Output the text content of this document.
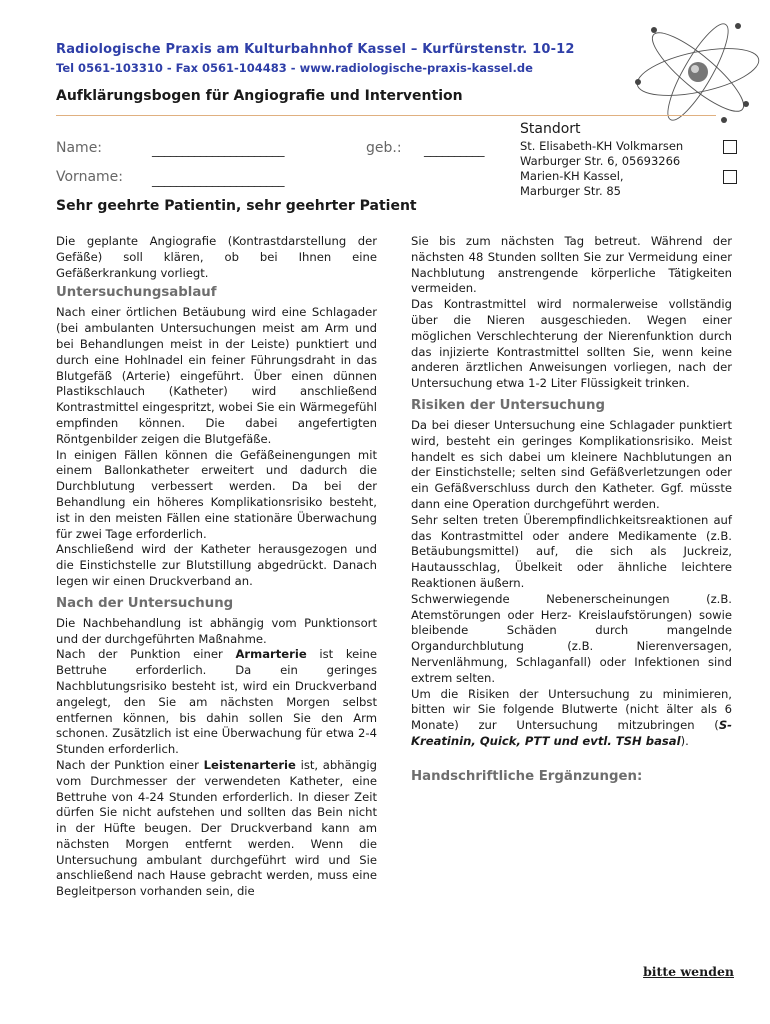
Radiologische Praxis am Kulturbahnhof Kassel – Kurfürstenstr. 10-12
Tel 0561-103310 - Fax 0561-104483 - www.radiologische-praxis-kassel.de
Aufklärungsbogen für Angiografie und Intervention
Name:	______________________	geb.: __________
Vorname: ______________________
Standort
St. Elisabeth-KH Volkmarsen
Warburger Str. 6, 05693266
Marien-KH Kassel,
Marburger Str. 85
Sehr geehrte Patientin, sehr geehrter Patient

Die geplante Angiografie (Kontrastdarstellung der Gefäße) soll klären, ob bei Ihnen eine Gefäßerkrankung vorliegt.

Untersuchungsablauf

Nach einer örtlichen Betäubung wird eine Schlagader (bei ambulanten Untersuchungen meist am Arm und bei Behandlungen meist in der Leiste) punktiert und durch eine Hohlnadel ein feiner Führungsdraht in das Blutgefäß (Arterie) eingeführt. Über einen dünnen Plastikschlauch (Katheter) wird anschließend Kontrastmittel eingespritzt, wobei Sie ein Wärmegefühl empfinden können. Die dabei angefertigten Röntgenbilder zeigen die Blutgefäße.

In einigen Fällen können die Gefäßeinengungen mit einem Ballonkatheter erweitert und dadurch die Durchblutung verbessert werden. Da bei der Behandlung ein höheres Komplikationsrisiko besteht, ist in den meisten Fällen eine stationäre Überwachung für zwei Tage erforderlich.

Anschließend wird der Katheter herausgezogen und die Einstichstelle zur Blutstillung abgedrückt. Danach legen wir einen Druckverband an.

Nach der Untersuchung

Die Nachbehandlung ist abhängig vom Punktionsort und der durchgeführten Maßnahme.

Nach der Punktion einer Armarterie ist keine Bettruhe erforderlich. Da ein geringes Nachblutungsrisiko besteht ist, wird ein Druckverband angelegt, den Sie am nächsten Morgen selbst entfernen können, bis dahin sollen Sie den Arm schonen. Zusätzlich ist eine Überwachung für etwa 2-4 Stunden erforderlich.

Nach der Punktion einer Leistenarterie ist, abhängig vom Durchmesser der verwendeten Katheter, eine Bettruhe von 4-24 Stunden erforderlich. In dieser Zeit dürfen Sie nicht aufstehen und sollten das Bein nicht in der Hüfte beugen. Der Druckverband kann am nächsten Morgen entfernt werden. Wenn die Untersuchung ambulant durchgeführt wird und Sie anschließend nach Hause gebracht werden, muss eine Begleitperson vorhanden sein, die

Sie bis zum nächsten Tag betreut. Während der nächsten 48 Stunden sollten Sie zur Vermeidung einer Nachblutung anstrengende körperliche Tätigkeiten vermeiden.

Das Kontrastmittel wird normalerweise vollständig über die Nieren ausgeschieden. Wegen einer möglichen Verschlechterung der Nierenfunktion durch das injizierte Kontrastmittel sollten Sie, wenn keine anderen ärztlichen Anweisungen vorliegen, nach der Untersuchung etwa 1-2 Liter Flüssigkeit trinken.

Risiken der Untersuchung

Da bei dieser Untersuchung eine Schlagader punktiert wird, besteht ein geringes Komplikationsrisiko. Meist handelt es sich dabei um kleinere Nachblutungen an der Einstichstelle; selten sind Gefäßverletzungen oder ein Gefäßverschluss durch den Katheter. Ggf. müsste dann eine Operation durchgeführt werden.

Sehr selten treten Überempfindlichkeitsreaktionen auf das Kontrastmittel oder andere Medikamente (z.B. Betäubungsmittel) auf, die sich als Juckreiz, Hautausschlag, Übelkeit oder ähnliche leichtere Reaktionen äußern.

Schwerwiegende Nebenerscheinungen (z.B. Atemstörungen oder Herz- Kreislaufstörungen) sowie bleibende Schäden durch mangelnde Organdurchblutung (z.B. Nierenversagen, Nervenlähmung, Schlaganfall) oder Infektionen sind extrem selten.

Um die Risiken der Untersuchung zu minimieren, bitten wir Sie folgende Blutwerte (nicht älter als 6 Monate) zur Untersuchung mitzubringen (S-Kreatinin, Quick, PTT und evtl. TSH basal).

Handschriftliche Ergänzungen:
bitte wenden
